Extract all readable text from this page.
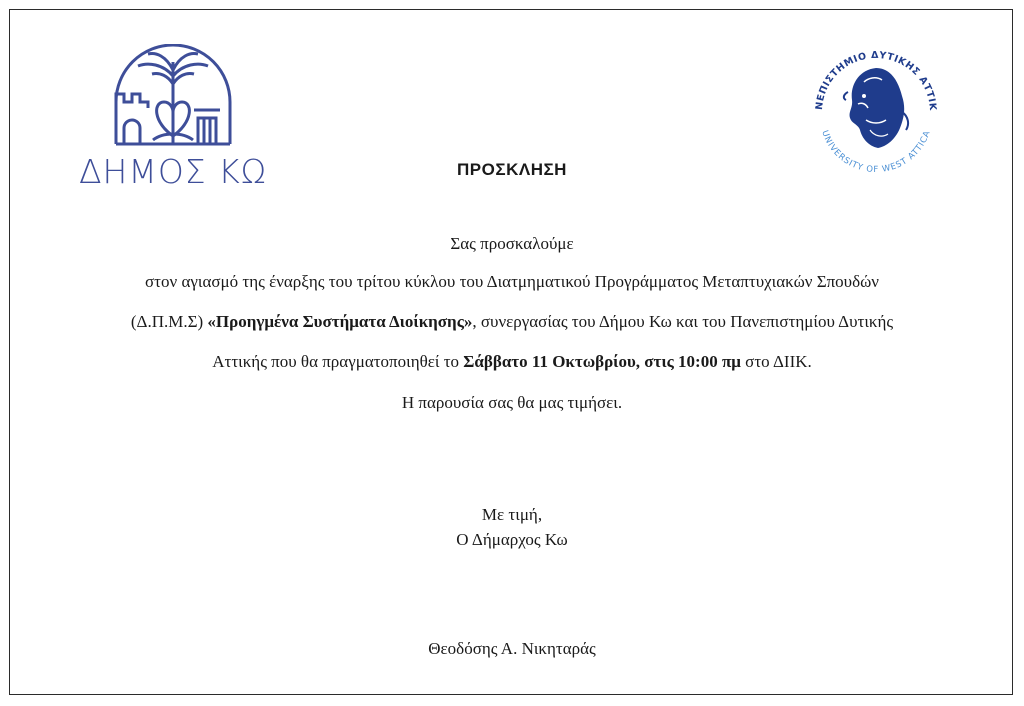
ΔΗΜΟΣ ΚΩ
ΝΕΠΙΣΤΗΜΙΟ ΔΥΤΙΚΗΣ ΑΤΤΙΚ
UNIVERSITY OF WEST ATTICA
ΠΡΟΣΚΛΗΣΗ
Σας προσκαλούμε
στον αγιασμό της έναρξης του τρίτου κύκλου του Διατμηματικού Προγράμματος Μεταπτυχιακών Σπουδών
(Δ.Π.Μ.Σ) «Προηγμένα Συστήματα Διοίκησης», συνεργασίας του Δήμου Κω και του Πανεπιστημίου Δυτικής
Αττικής που θα πραγματοποιηθεί το Σάββατο 11 Οκτωβρίου, στις 10:00 πμ στο ΔΙΙΚ.
Η παρουσία σας θα μας τιμήσει.
Με τιμή,
Ο Δήμαρχος Κω
Θεοδόσης Α. Νικηταράς
